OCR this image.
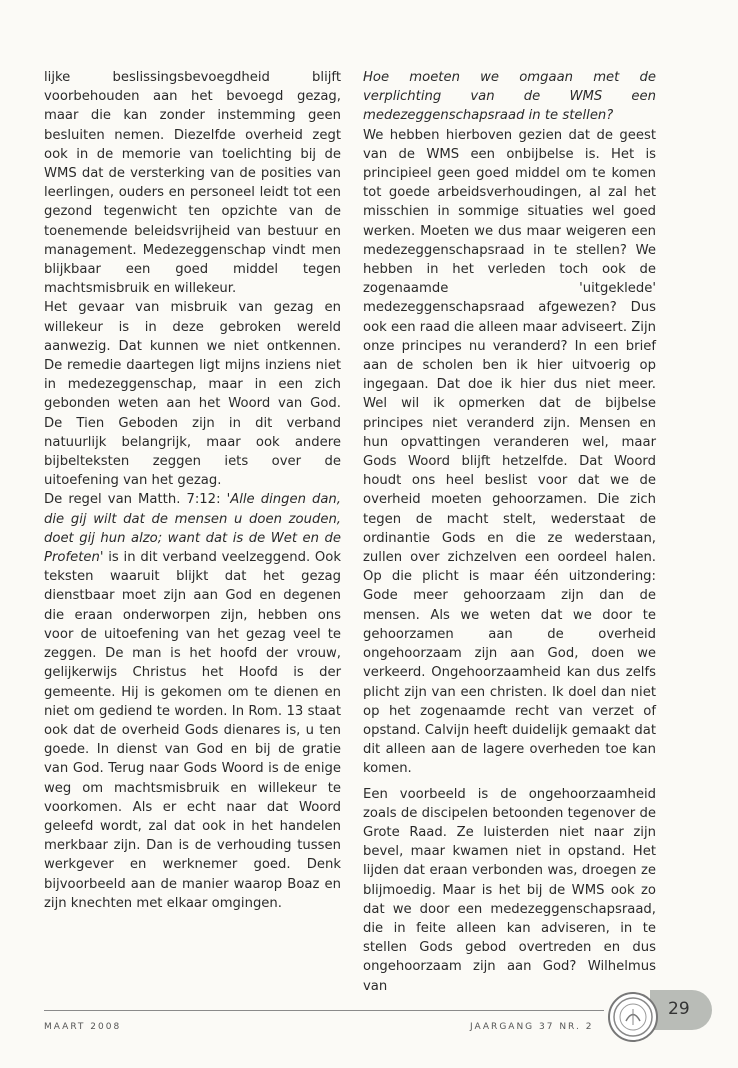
lijke beslissingsbevoegdheid blijft voorbehouden aan het bevoegd gezag, maar die kan zonder instemming geen besluiten nemen. Diezelfde overheid zegt ook in de memorie van toelichting bij de WMS dat de versterking van de posities van leerlingen, ouders en personeel leidt tot een gezond tegenwicht ten opzichte van de toenemende beleidsvrijheid van bestuur en management. Medezeggenschap vindt men blijkbaar een goed middel tegen machtsmisbruik en willekeur.

Het gevaar van misbruik van gezag en willekeur is in deze gebroken wereld aanwezig. Dat kunnen we niet ontkennen. De remedie daartegen ligt mijns inziens niet in medezeggenschap, maar in een zich gebonden weten aan het Woord van God. De Tien Geboden zijn in dit verband natuurlijk belangrijk, maar ook andere bijbelteksten zeggen iets over de uitoefening van het gezag.

De regel van Matth. 7:12: 'Alle dingen dan, die gij wilt dat de mensen u doen zouden, doet gij hun alzo; want dat is de Wet en de Profeten' is in dit verband veelzeggend. Ook teksten waaruit blijkt dat het gezag dienstbaar moet zijn aan God en degenen die eraan onderworpen zijn, hebben ons voor de uitoefening van het gezag veel te zeggen. De man is het hoofd der vrouw, gelijkerwijs Christus het Hoofd is der gemeente. Hij is gekomen om te dienen en niet om gediend te worden. In Rom. 13 staat ook dat de overheid Gods dienares is, u ten goede. In dienst van God en bij de gratie van God. Terug naar Gods Woord is de enige weg om machtsmisbruik en willekeur te voorkomen. Als er echt naar dat Woord geleefd wordt, zal dat ook in het handelen merkbaar zijn. Dan is de verhouding tussen werkgever en werknemer goed. Denk bijvoorbeeld aan de manier waarop Boaz en zijn knechten met elkaar omgingen.

Hoe moeten we omgaan met de verplichting van de WMS een medezeggenschapsraad in te stellen?

We hebben hierboven gezien dat de geest van de WMS een onbijbelse is. Het is principieel geen goed middel om te komen tot goede arbeidsverhoudingen, al zal het misschien in sommige situaties wel goed werken. Moeten we dus maar weigeren een medezeggenschapsraad in te stellen? We hebben in het verleden toch ook de zogenaamde 'uitgeklede' medezeggenschapsraad afgewezen? Dus ook een raad die alleen maar adviseert. Zijn onze principes nu veranderd? In een brief aan de scholen ben ik hier uitvoerig op ingegaan. Dat doe ik hier dus niet meer. Wel wil ik opmerken dat de bijbelse principes niet veranderd zijn. Mensen en hun opvattingen veranderen wel, maar Gods Woord blijft hetzelfde. Dat Woord houdt ons heel beslist voor dat we de overheid moeten gehoorzamen. Die zich tegen de macht stelt, wederstaat de ordinantie Gods en die ze wederstaan, zullen over zichzelven een oordeel halen. Op die plicht is maar één uitzondering: Gode meer gehoorzaam zijn dan de mensen. Als we weten dat we door te gehoorzamen aan de overheid ongehoorzaam zijn aan God, doen we verkeerd. Ongehoorzaamheid kan dus zelfs plicht zijn van een christen. Ik doel dan niet op het zogenaamde recht van verzet of opstand. Calvijn heeft duidelijk gemaakt dat dit alleen aan de lagere overheden toe kan komen.

Een voorbeeld is de ongehoorzaamheid zoals de discipelen betoonden tegenover de Grote Raad. Ze luisterden niet naar zijn bevel, maar kwamen niet in opstand. Het lijden dat eraan verbonden was, droegen ze blijmoedig. Maar is het bij de WMS ook zo dat we door een medezeggenschapsraad, die in feite alleen kan adviseren, in te stellen Gods gebod overtreden en dus ongehoorzaam zijn aan God? Wilhelmus van

MAART 2008	JAARGANG 37 NR. 2
29
